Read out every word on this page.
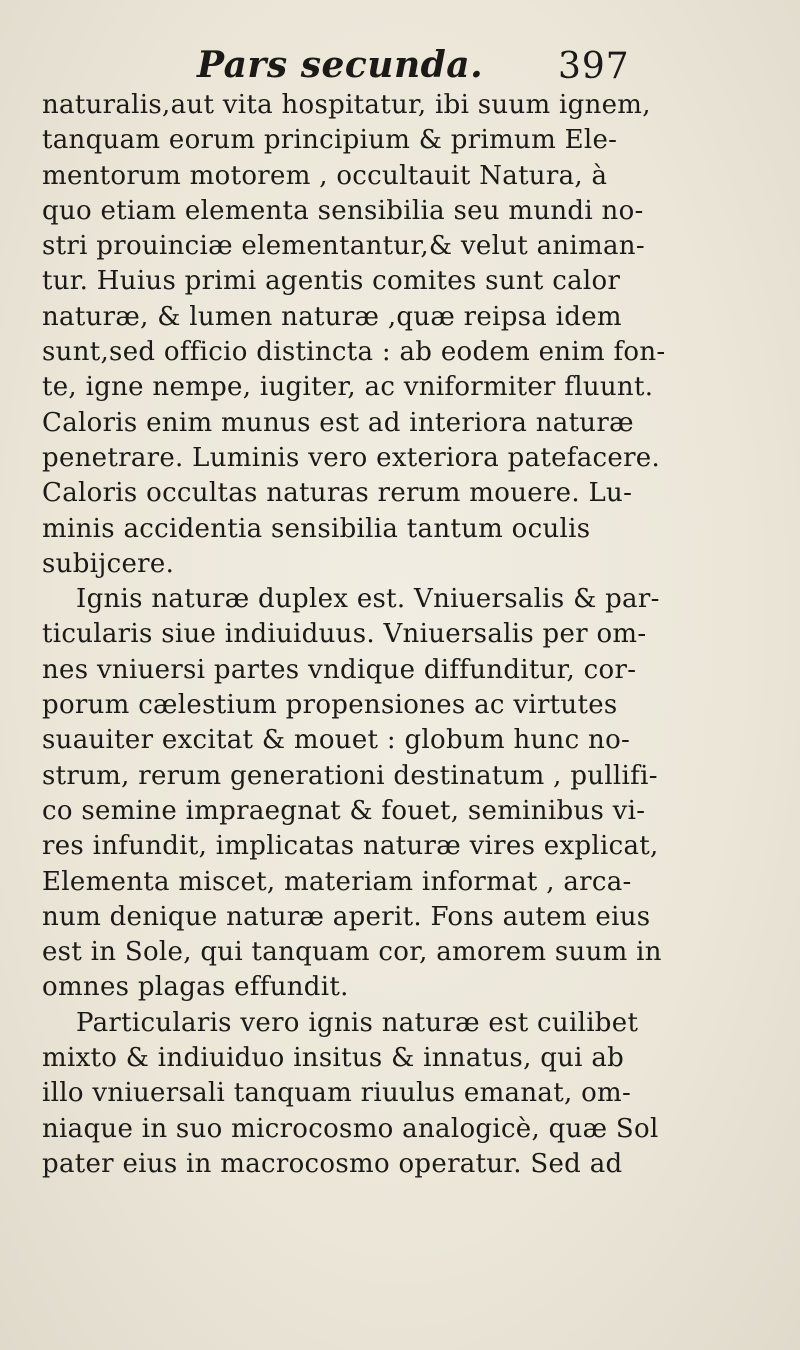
Pars secunda. 397
naturalis,aut vita hospitatur, ibi suum ignem,
tanquam eorum principium & primum Ele-
mentorum motorem , occultauit Natura, à
quo etiam elementa sensibilia seu mundi no-
stri prouinciæ elementantur,& velut animan-
tur. Huius primi agentis comites sunt calor
naturæ, & lumen naturæ ,quæ reipsa idem
sunt,sed officio distincta : ab eodem enim fon-
te, igne nempe, iugiter, ac vniformiter fluunt.
Caloris enim munus est ad interiora naturæ
penetrare. Luminis vero exteriora patefacere.
Caloris occultas naturas rerum mouere. Lu-
minis accidentia sensibilia tantum oculis
subijcere.
Ignis naturæ duplex est. Vniuersalis & par-
ticularis siue indiuiduus. Vniuersalis per om-
nes vniuersi partes vndique diffunditur, cor-
porum cælestium propensiones ac virtutes
suauiter excitat & mouet : globum hunc no-
strum, rerum generationi destinatum , pullifi-
co semine impraegnat & fouet, seminibus vi-
res infundit, implicatas naturæ vires explicat,
Elementa miscet, materiam informat , arca-
num denique naturæ aperit. Fons autem eius
est in Sole, qui tanquam cor, amorem suum in
omnes plagas effundit.
Particularis vero ignis naturæ est cuilibet
mixto & indiuiduo insitus & innatus, qui ab
illo vniuersali tanquam riuulus emanat, om-
niaque in suo microcosmo analogicè, quæ Sol
pater eius in macrocosmo operatur. Sed ad
